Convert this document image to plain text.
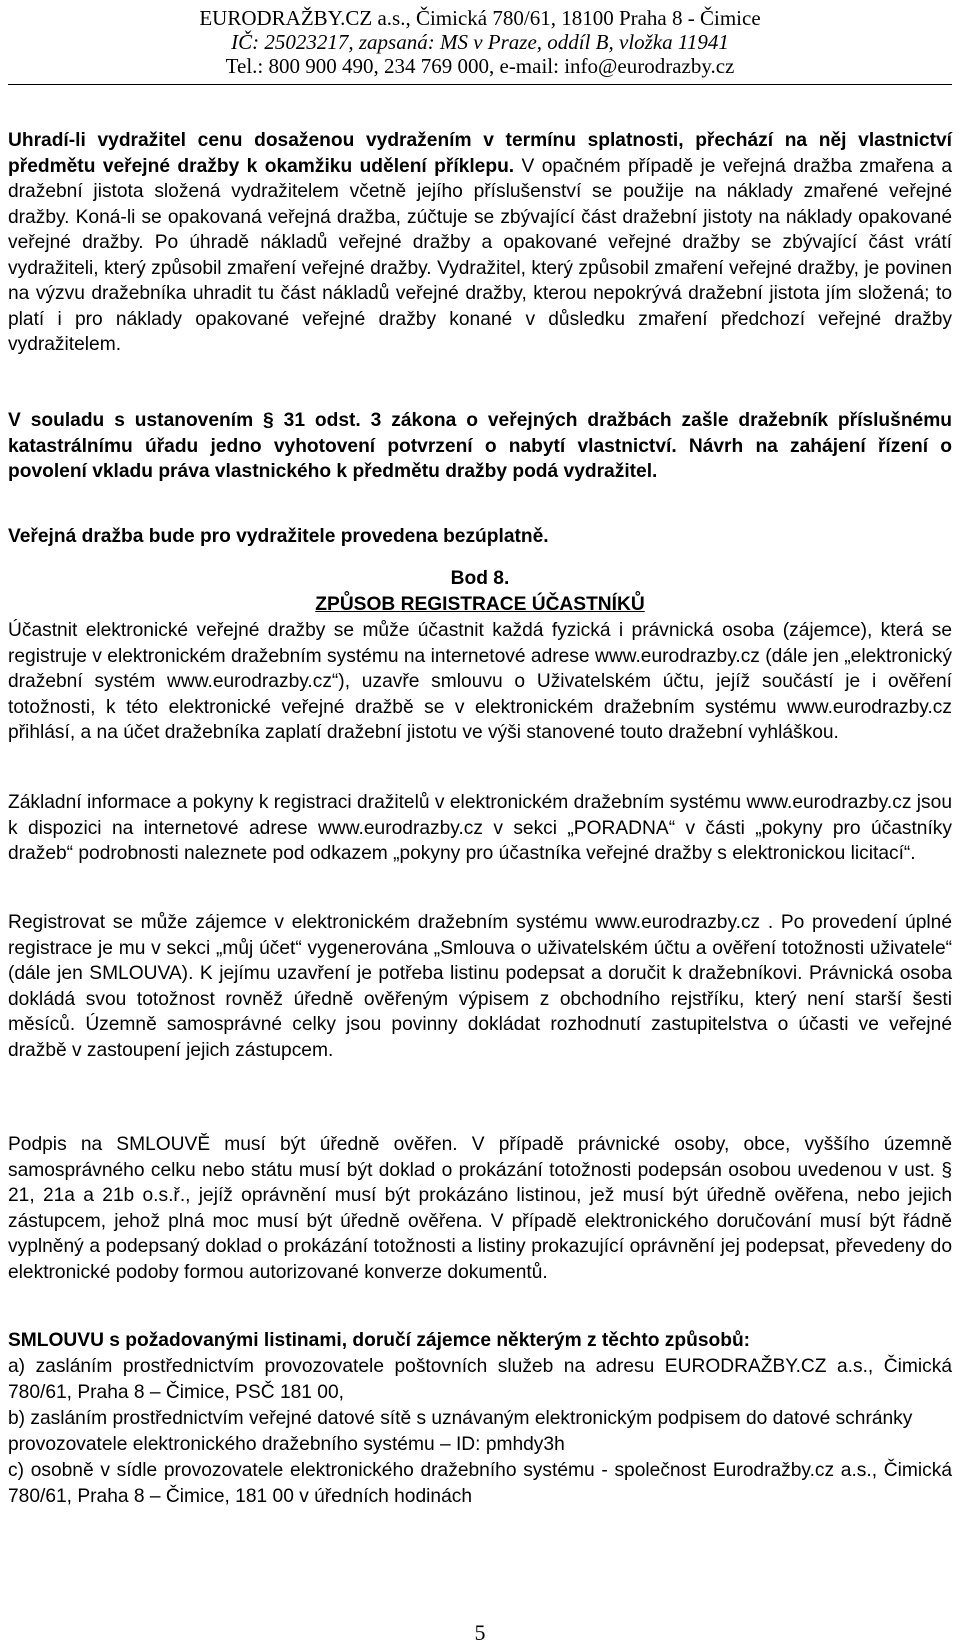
EURODRAŽBY.CZ a.s., Čimická 780/61, 18100 Praha 8 - Čimice
IČ: 25023217, zapsaná: MS v Praze, oddíl B, vložka 11941
Tel.: 800 900 490, 234 769 000, e-mail: info@eurodrazby.cz
Uhradí-li vydražitel cenu dosaženou vydražením v termínu splatnosti, přechází na něj vlastnictví předmětu veřejné dražby k okamžiku udělení příklepu. V opačném případě je veřejná dražba zmařena a dražební jistota složená vydražitelem včetně jejího příslušenství se použije na náklady zmařené veřejné dražby. Koná-li se opakovaná veřejná dražba, zúčtuje se zbývající část dražební jistoty na náklady opakované veřejné dražby. Po úhradě nákladů veřejné dražby a opakované veřejné dražby se zbývající část vrátí vydražiteli, který způsobil zmaření veřejné dražby. Vydražitel, který způsobil zmaření veřejné dražby, je povinen na výzvu dražebníka uhradit tu část nákladů veřejné dražby, kterou nepokrývá dražební jistota jím složená; to platí i pro náklady opakované veřejné dražby konané v důsledku zmaření předchozí veřejné dražby vydražitelem.
V souladu s ustanovením § 31 odst. 3 zákona o veřejných dražbách zašle dražebník příslušnému katastrálnímu úřadu jedno vyhotovení potvrzení o nabytí vlastnictví. Návrh na zahájení řízení o povolení vkladu práva vlastnického k předmětu dražby podá vydražitel.
Veřejná dražba bude pro vydražitele provedena bezúplatně.
Bod 8.
ZPŮSOB REGISTRACE ÚČASTNÍKŮ
Účastnit elektronické veřejné dražby se může účastnit každá fyzická i právnická osoba (zájemce), která se registruje v elektronickém dražebním systému na internetové adrese www.eurodrazby.cz (dále jen „elektronický dražební systém www.eurodrazby.cz“), uzavře smlouvu o Uživatelském účtu, jejíž součástí je i ověření totožnosti, k této elektronické veřejné dražbě se v elektronickém dražebním systému www.eurodrazby.cz přihlásí, a na účet dražebníka zaplatí dražební jistotu ve výši stanovené touto dražební vyhláškou.
Základní informace a pokyny k registraci dražitelů v elektronickém dražebním systému www.eurodrazby.cz jsou k dispozici na internetové adrese www.eurodrazby.cz v sekci „PORADNA“ v části „pokyny pro účastníky dražeb“ podrobnosti naleznete pod odkazem „pokyny pro účastníka veřejné dražby s elektronickou licitací“.
Registrovat se může zájemce v elektronickém dražebním systému www.eurodrazby.cz . Po provedení úplné registrace je mu v sekci „můj účet“ vygenerována „Smlouva o uživatelském účtu a ověření totožnosti uživatele“ (dále jen SMLOUVA). K jejímu uzavření je potřeba listinu podepsat a doručit k dražebníkovi. Právnická osoba dokládá svou totožnost rovněž úředně ověřeným výpisem z obchodního rejstříku, který není starší šesti měsíců. Územně samosprávné celky jsou povinny dokládat rozhodnutí zastupitelstva o účasti ve veřejné dražbě v zastoupení jejich zástupcem.
Podpis na SMLOUVĚ musí být úředně ověřen. V případě právnické osoby, obce, vyššího územně samosprávného celku nebo státu musí být doklad o prokázání totožnosti podepsán osobou uvedenou v ust. § 21, 21a a 21b o.s.ř., jejíž oprávnění musí být prokázáno listinou, jež musí být úředně ověřena, nebo jejich zástupcem, jehož plná moc musí být úředně ověřena. V případě elektronického doručování musí být řádně vyplněný a podepsaný doklad o prokázání totožnosti a listiny prokazující oprávnění jej podepsat, převedeny do elektronické podoby formou autorizované konverze dokumentů.
SMLOUVU s požadovanými listinami, doručí zájemce některým z těchto způsobů:
a) zasláním prostřednictvím provozovatele poštovních služeb na adresu EURODRAŽBY.CZ a.s., Čimická 780/61, Praha 8 – Čimice, PSČ 181 00,
b) zasláním prostřednictvím veřejné datové sítě s uznávaným elektronickým podpisem do datové schránky provozovatele elektronického dražebního systému – ID: pmhdy3h
c) osobně v sídle provozovatele elektronického dražebního systému - společnost Eurodražby.cz a.s., Čimická 780/61, Praha 8 – Čimice, 181 00 v úředních hodinách
5
